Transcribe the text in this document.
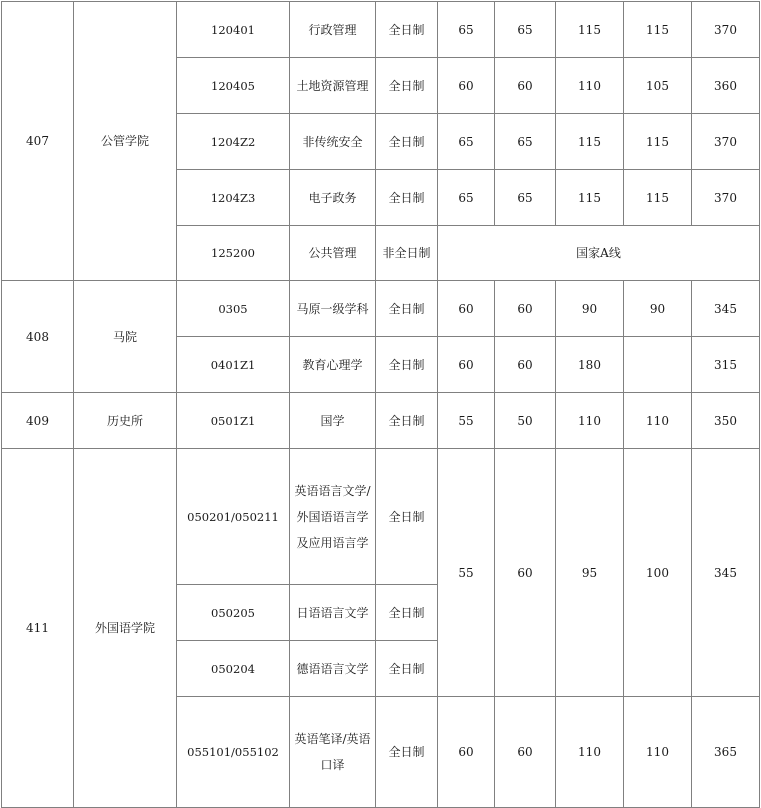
407	公管学院	120401	行政管理	全日制	65	65	115	115	370
		120405	土地资源管理	全日制	60	60	110	105	360
		1204Z2	非传统安全	全日制	65	65	115	115	370
		1204Z3	电子政务	全日制	65	65	115	115	370
		125200	公共管理	非全日制	国家A线				
408	马院	0305	马原一级学科	全日制	60	60	90	90	345
		0401Z1	教育心理学	全日制	60	60	180		315
409	历史所	0501Z1	国学	全日制	55	50	110	110	350
411	外国语学院	050201/050211	英语语言文学/外国语语言学及应用语言学	全日制	55	60	95	100	345
		050205	日语语言文学	全日制					
		050204	德语语言文学	全日制					
		055101/055102	英语笔译/英语口译	全日制	60	60	110	110	365
